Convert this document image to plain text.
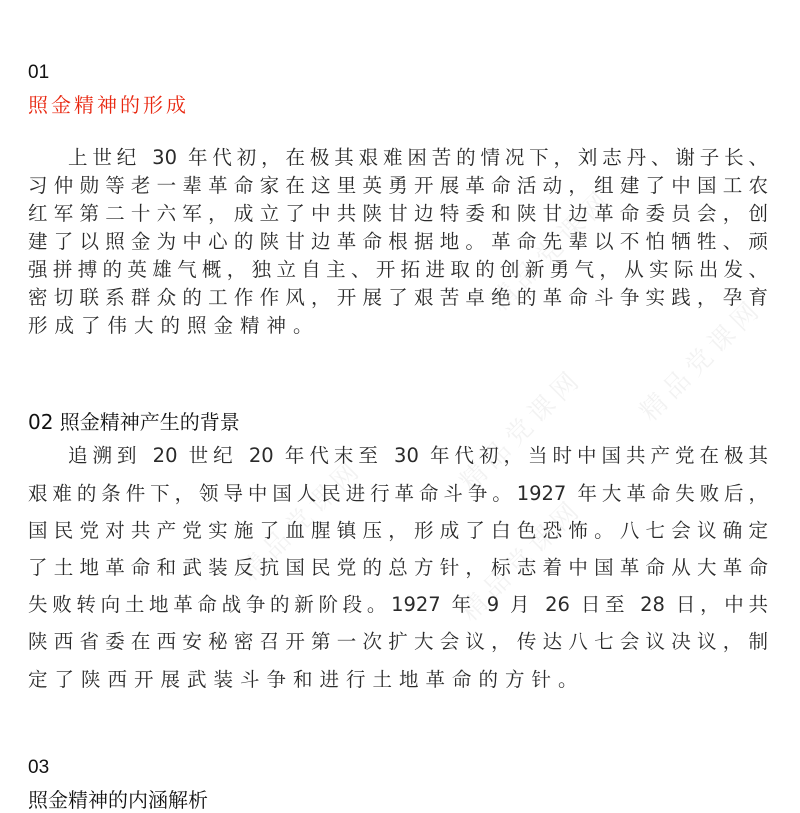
精品党课网
精品党课网
精品党课网	精品党课网
精品党课网
01
照金精神的形成
上世纪 30 年代初，在极其艰难困苦的情况下，刘志丹、谢子长、
习仲勋等老一辈革命家在这里英勇开展革命活动，组建了中国工农
红军第二十六军，成立了中共陕甘边特委和陕甘边革命委员会，创
建了以照金为中心的陕甘边革命根据地。革命先辈以不怕牺牲、顽
强拼搏的英雄气概，独立自主、开拓进取的创新勇气，从实际出发、
密切联系群众的工作作风，开展了艰苦卓绝的革命斗争实践，孕育
形成了伟大的照金精神。
02 照金精神产生的背景
追溯到 20 世纪 20 年代末至 30 年代初，当时中国共产党在极其
艰难的条件下，领导中国人民进行革命斗争。1927 年大革命失败后，
国民党对共产党实施了血腥镇压，形成了白色恐怖。八七会议确定
了土地革命和武装反抗国民党的总方针，标志着中国革命从大革命
失败转向土地革命战争的新阶段。1927 年 9 月 26 日至 28 日，中共
陕西省委在西安秘密召开第一次扩大会议，传达八七会议决议，制
定了陕西开展武装斗争和进行土地革命的方针。
03
照金精神的内涵解析
